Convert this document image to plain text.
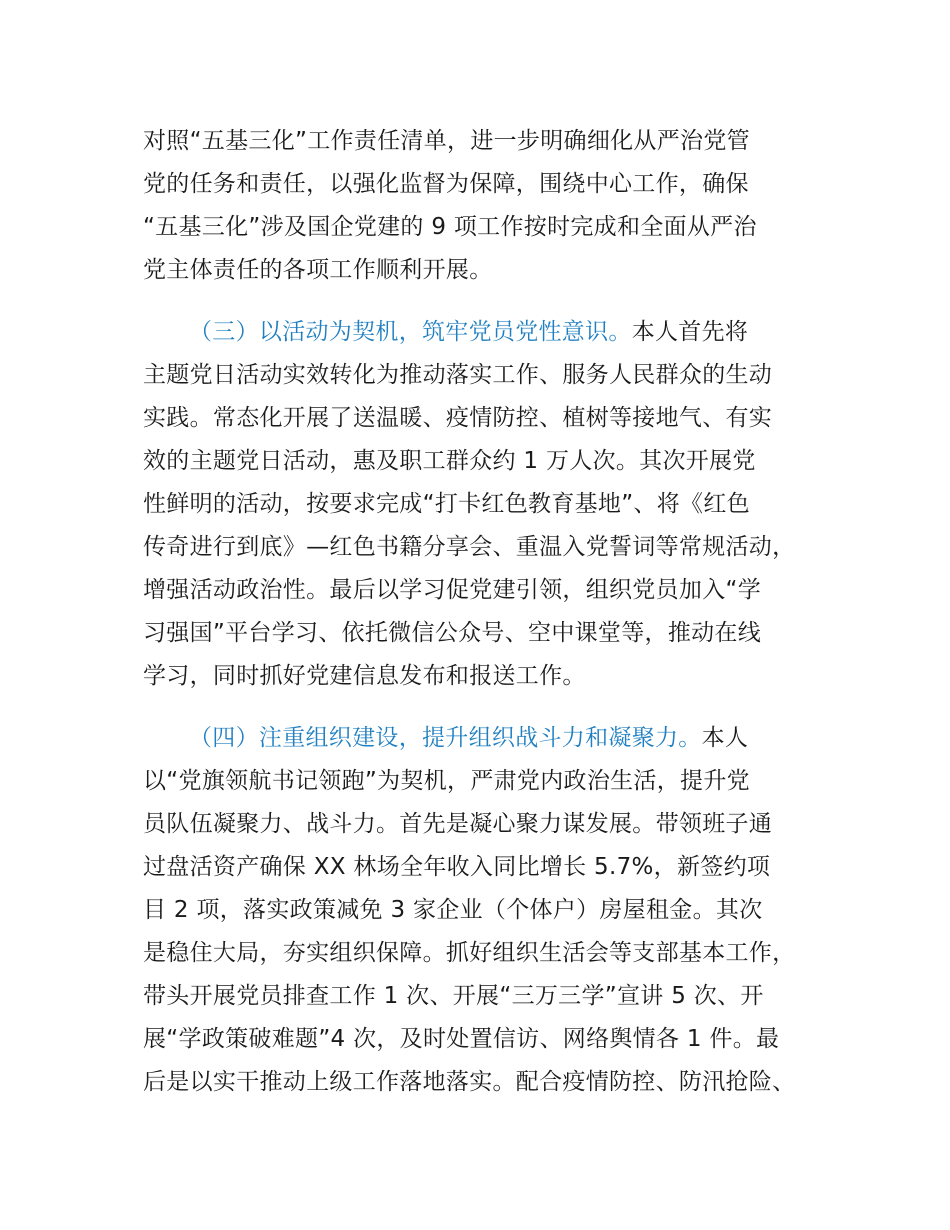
对照“五基三化”工作责任清单，进一步明确细化从严治党管
党的任务和责任，以强化监督为保障，围绕中心工作，确保
“五基三化”涉及国企党建的 9 项工作按时完成和全面从严治
党主体责任的各项工作顺利开展。
（三）以活动为契机，筑牢党员党性意识。本人首先将
主题党日活动实效转化为推动落实工作、服务人民群众的生动
实践。常态化开展了送温暖、疫情防控、植树等接地气、有实
效的主题党日活动，惠及职工群众约 1 万人次。其次开展党
性鲜明的活动，按要求完成“打卡红色教育基地”、将《红色
传奇进行到底》—红色书籍分享会、重温入党誓词等常规活动，
增强活动政治性。最后以学习促党建引领，组织党员加入“学
习强国”平台学习、依托微信公众号、空中课堂等，推动在线
学习，同时抓好党建信息发布和报送工作。
（四）注重组织建设，提升组织战斗力和凝聚力。本人
以“党旗领航书记领跑”为契机，严肃党内政治生活，提升党
员队伍凝聚力、战斗力。首先是凝心聚力谋发展。带领班子通
过盘活资产确保 XX 林场全年收入同比增长 5.7%，新签约项
目 2 项，落实政策减免 3 家企业（个体户）房屋租金。其次
是稳住大局，夯实组织保障。抓好组织生活会等支部基本工作，
带头开展党员排查工作 1 次、开展“三万三学”宣讲 5 次、开
展“学政策破难题”4 次，及时处置信访、网络舆情各 1 件。最
后是以实干推动上级工作落地落实。配合疫情防控、防汛抢险、
